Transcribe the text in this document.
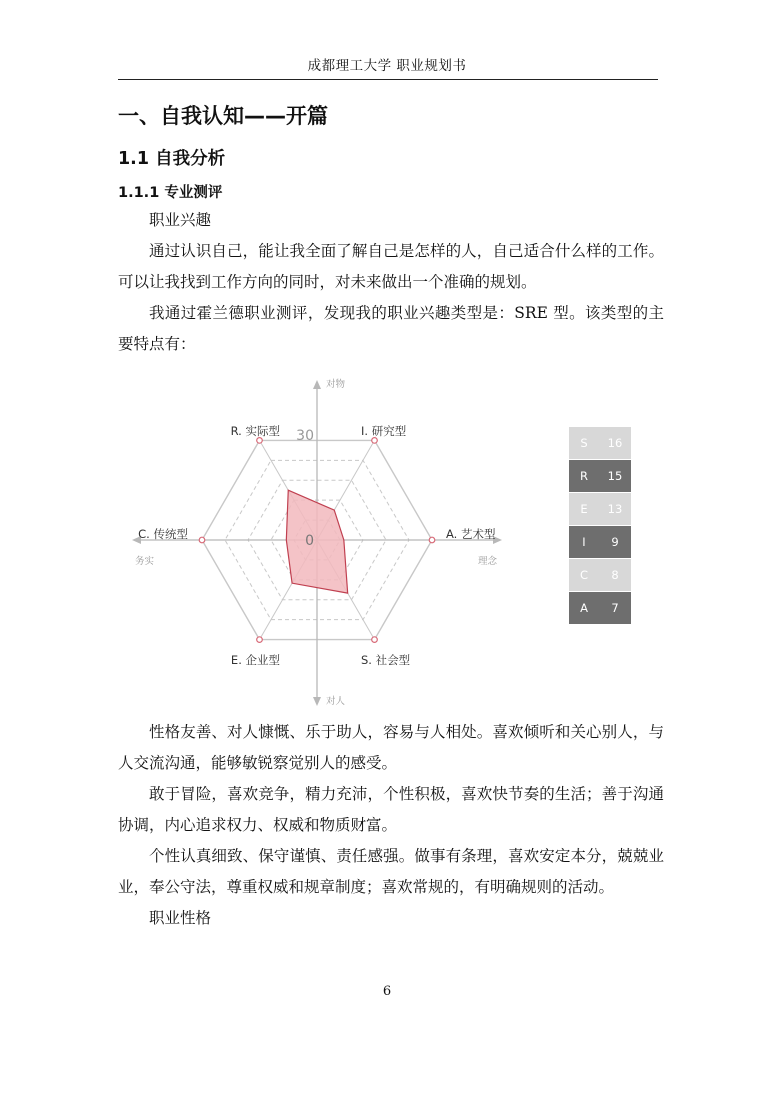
成都理工大学 职业规划书
一、自我认知——开篇
1.1 自我分析
1.1.1 专业测评

职业兴趣

通过认识自己，能让我全面了解自己是怎样的人，自己适合什么样的工作。可以让我找到工作方向的同时，对未来做出一个准确的规划。

我通过霍兰德职业测评，发现我的职业兴趣类型是：SRE 型。该类型的主要特点有：

30
0
R. 实际型	I. 研究型
A. 艺术型
S. 社会型
E. 企业型
C. 传统型
对物
对人
务实	理念
S	16
R	15
E	13
I	9
C	8
A	7

性格友善、对人慷慨、乐于助人，容易与人相处。喜欢倾听和关心别人，与人交流沟通，能够敏锐察觉别人的感受。

敢于冒险，喜欢竞争，精力充沛，个性积极，喜欢快节奏的生活；善于沟通协调，内心追求权力、权威和物质财富。

个性认真细致、保守谨慎、责任感强。做事有条理，喜欢安定本分，兢兢业业，奉公守法，尊重权威和规章制度；喜欢常规的，有明确规则的活动。

职业性格

6
